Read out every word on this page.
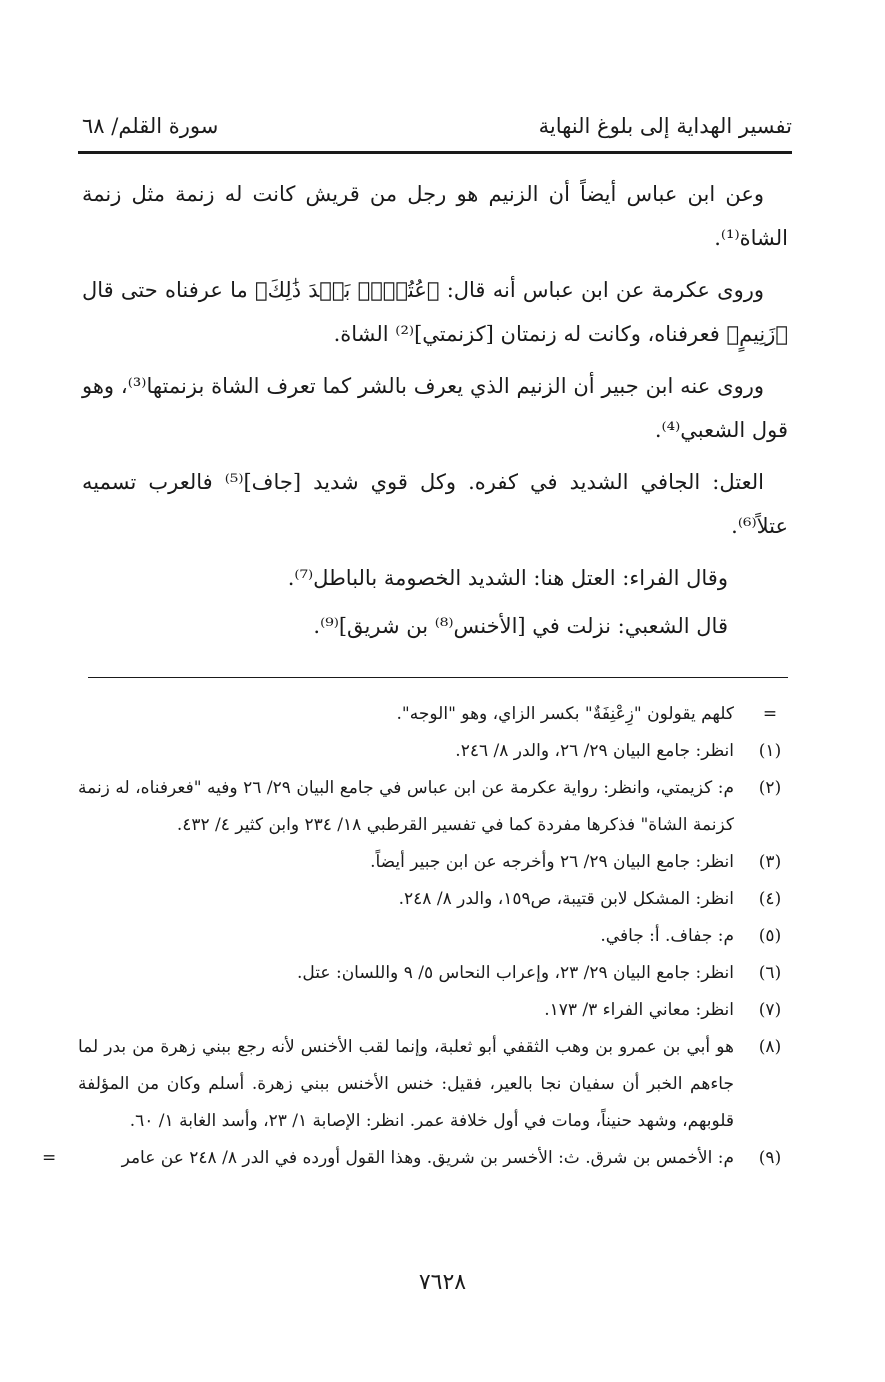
تفسير الهداية إلى بلوغ النهاية
سورة القلم/ ٦٨

وعن ابن عباس أيضاً أن الزنيم هو رجل من قريش كانت له زنمة مثل زنمة الشاة⁽¹⁾.

وروى عكرمة عن ابن عباس أنه قال: ﴿عُتُلِّۢ بَعۡدَ ذَٰلِكَ﴾ ما عرفناه حتى قال ﴿زَنِيمٍ﴾ فعرفناه، وكانت له زنمتان [كزنمتي]⁽²⁾ الشاة.

وروى عنه ابن جبير أن الزنيم الذي يعرف بالشر كما تعرف الشاة بزنمتها⁽³⁾، وهو قول الشعبي⁽⁴⁾.

العتل: الجافي الشديد في كفره. وكل قوي شديد [جاف]⁽⁵⁾ فالعرب تسميه عتلاً⁽⁶⁾.

وقال الفراء: العتل هنا: الشديد الخصومة بالباطل⁽⁷⁾.

قال الشعبي: نزلت في [الأخنس⁽⁸⁾ بن شريق]⁽⁹⁾.

=
كلهم يقولون "زِعْنِفَةٌ" بكسر الزاي، وهو "الوجه".
(١)
انظر: جامع البيان ٢٩/ ٢٦، والدر ٨/ ٢٤٦.
(٢)
م: كزيمتي، وانظر: رواية عكرمة عن ابن عباس في جامع البيان ٢٩/ ٢٦ وفيه "فعرفناه، له زنمة كزنمة الشاة" فذكرها مفردة كما في تفسير القرطبي ١٨/ ٢٣٤ وابن كثير ٤/ ٤٣٢.
(٣)
انظر: جامع البيان ٢٩/ ٢٦ وأخرجه عن ابن جبير أيضاً.
(٤)
انظر: المشكل لابن قتيبة، ص١٥٩، والدر ٨/ ٢٤٨.
(٥)
م: جفاف. أ: جافي.
(٦)
انظر: جامع البيان ٢٩/ ٢٣، وإعراب النحاس ٥/ ٩ واللسان: عتل.
(٧)
انظر: معاني الفراء ٣/ ١٧٣.
(٨)
هو أبي بن عمرو بن وهب الثقفي أبو ثعلبة، وإنما لقب الأخنس لأنه رجع ببني زهرة من بدر لما جاءهم الخبر أن سفيان نجا بالعير، فقيل: خنس الأخنس ببني زهرة. أسلم وكان من المؤلفة قلوبهم، وشهد حنيناً، ومات في أول خلافة عمر. انظر: الإصابة ١/ ٢٣، وأسد الغابة ١/ ٦٠.
(٩)
م: الأخمس بن شرق. ث: الأخسر بن شريق. وهذا القول أورده في الدر ٨/ ٢٤٨ عن عامر
=
٧٦٢٨
